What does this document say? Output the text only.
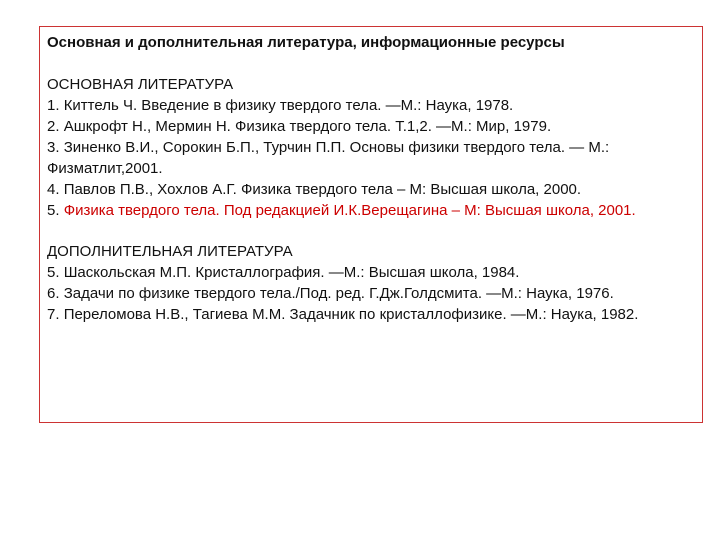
Основная и дополнительная литература, информационные ресурсы

ОСНОВНАЯ ЛИТЕРАТУРА

1. Киттель Ч. Введение в физику твердого тела. —М.: Наука, 1978.

2. Ашкрофт Н., Мермин Н. Физика твердого тела. Т.1,2. —М.: Мир, 1979.

3. Зиненко В.И., Сорокин Б.П., Турчин П.П. Основы физики твердого тела. — М.: Физматлит,2001.

4. Павлов П.В., Хохлов А.Г. Физика твердого тела – М: Высшая школа, 2000.

5. Физика твердого тела. Под редакцией И.К.Верещагина – М: Высшая школа, 2001.

ДОПОЛНИТЕЛЬНАЯ ЛИТЕРАТУРА

5. Шаскольская М.П. Кристаллография. —М.: Высшая школа, 1984.

6. Задачи по физике твердого тела./Под. ред. Г.Дж.Голдсмита. —М.: Наука, 1976.

7. Переломова Н.В., Тагиева М.М. Задачник по кристаллофизике. —М.: Наука, 1982.
